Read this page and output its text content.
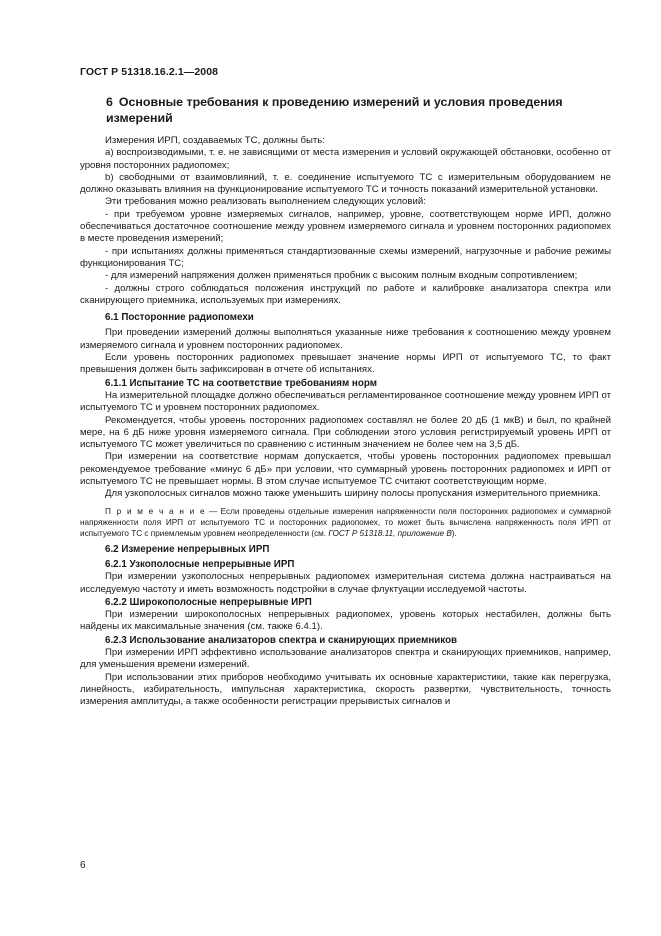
ГОСТ Р 51318.16.2.1—2008
6 Основные требования к проведению измерений и условия проведения измерений

Измерения ИРП, создаваемых ТС, должны быть:

a) воспроизводимыми, т. е. не зависящими от места измерения и условий окружающей обстановки, особенно от уровня посторонних радиопомех;

b) свободными от взаимовлияний, т. е. соединение испытуемого ТС с измерительным оборудованием не должно оказывать влияния на функционирование испытуемого ТС и точность показаний измерительной установки.

Эти требования можно реализовать выполнением следующих условий:

- при требуемом уровне измеряемых сигналов, например, уровне, соответствующем норме ИРП, должно обеспечиваться достаточное соотношение между уровнем измеряемого сигнала и уровнем посторонних радиопомех в месте проведения измерений;

- при испытаниях должны применяться стандартизованные схемы измерений, нагрузочные и рабочие режимы функционирования ТС;

- для измерений напряжения должен применяться пробник с высоким полным входным сопротивлением;

- должны строго соблюдаться положения инструкций по работе и калибровке анализатора спектра или сканирующего приемника, используемых при измерениях.

6.1 Посторонние радиопомехи

При проведении измерений должны выполняться указанные ниже требования к соотношению между уровнем измеряемого сигнала и уровнем посторонних радиопомех.

Если уровень посторонних радиопомех превышает значение нормы ИРП от испытуемого ТС, то факт превышения должен быть зафиксирован в отчете об испытаниях.

6.1.1 Испытание ТС на соответствие требованиям норм

На измерительной площадке должно обеспечиваться регламентированное соотношение между уровнем ИРП от испытуемого ТС и уровнем посторонних радиопомех.

Рекомендуется, чтобы уровень посторонних радиопомех составлял не более 20 дБ (1 мкВ) и был, по крайней мере, на 6 дБ ниже уровня измеряемого сигнала. При соблюдении этого условия регистрируемый уровень ИРП от испытуемого ТС может увеличиться по сравнению с истинным значением не более чем на 3,5 дБ.

При измерении на соответствие нормам допускается, чтобы уровень посторонних радиопомех превышал рекомендуемое требование «минус 6 дБ» при условии, что суммарный уровень посторонних радиопомех и ИРП от испытуемого ТС не превышает нормы. В этом случае испытуемое ТС считают соответствующим норме.

Для узкополосных сигналов можно также уменьшить ширину полосы пропускания измерительного приемника.

П р и м е ч а н и е — Если проведены отдельные измерения напряженности поля посторонних радиопомех и суммарной напряженности поля ИРП от испытуемого ТС и посторонних радиопомех, то может быть вычислена напряженность поля ИРП от испытуемого ТС с приемлемым уровнем неопределенности (см. ГОСТ Р 51318.11, приложение В).

6.2 Измерение непрерывных ИРП
6.2.1 Узкополосные непрерывные ИРП

При измерении узкополосных непрерывных радиопомех измерительная система должна настраиваться на исследуемую частоту и иметь возможность подстройки в случае флуктуации исследуемой частоты.

6.2.2 Широкополосные непрерывные ИРП

При измерении широкополосных непрерывных радиопомех, уровень которых нестабилен, должны быть найдены их максимальные значения (см. также 6.4.1).

6.2.3 Использование анализаторов спектра и сканирующих приемников

При измерении ИРП эффективно использование анализаторов спектра и сканирующих приемников, например, для уменьшения времени измерений.

При использовании этих приборов необходимо учитывать их основные характеристики, такие как перегрузка, линейность, избирательность, импульсная характеристика, скорость развертки, чувствительность, точность измерения амплитуды, а также особенности регистрации прерывистых сигналов и

6
